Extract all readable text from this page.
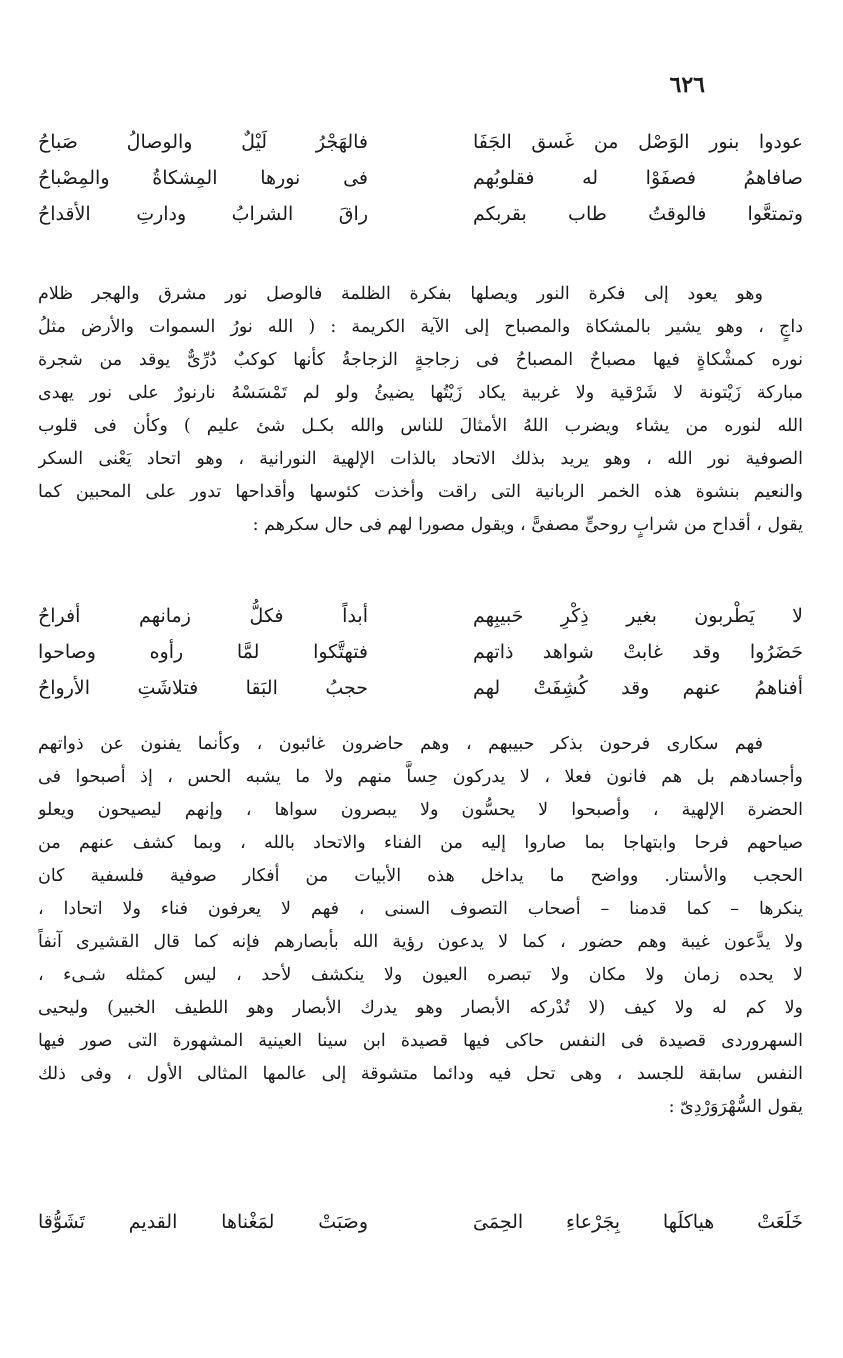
٦٢٦
عودوا بنور الوَصْل من غَسق الجَفَا
فالهَجْرُ لَيْلٌ والوصالُ صَباحُ
صافاهمُ فصفَوْا له فقلوبُهم
فى نورها المِشكاةُ والمِصْباحُ
وتمتعَّوا فالوقتُ طاب بقربكم
راقَ الشرابُ ودارتِ الأقداحُ
وهو يعود إلى فكرة النور ويصلها بفكرة الظلمة فالوصل نور مشرق والهجر ظلام
داجٍ ، وهو يشير بالمشكاة والمصباح إلى الآية الكريمة : ( الله نورُ السموات والأرض مثلُ
نوره كمشْكاةٍ فيها مصباحٌ المصباحُ فى زجاجةٍ الزجاجةُ كأنها كوكبٌ دُرِّىٌّ يوقد من شجرة
مباركة زَيْتونة لا شَرْقية ولا غربية يكاد زَيْتُها يضيئُ ولو لم تَمْسَسْهُ نارنورٌ على نور يهدى
الله لنوره من يشاء ويضرب اللهُ الأمثالَ للناس والله بكـل شئ عليم ) وكأن فى قلوب
الصوفية نور الله ، وهو يريد بذلك الاتحاد بالذات الإلهية النورانية ، وهو اتحاد يَعْنى السكر
والنعيم بنشوة هذه الخمر الربانية التى راقت وأخذت كئوسها وأقداحها تدور على المحبين كما
يقول ، أقداح من شرابٍ روحىٍّ مصفىًّ ، ويقول مصورا لهم فى حال سكرهم :
لا يَطْربون بغير ذِكْرِ حَبيبِهم
أبداً فكلُّ زمانهم أفراحُ
حَضَرُوا وقد غابتْ شواهد ذاتهم
فتهتَّكوا لمَّا رأوه وصاحوا
أفناهمُ عنهم وقد كُشِفَتْ لهم
حجبُ البَقا فتلاشَتِ الأرواحُ
فهم سكارى فرحون بذكر حبيبهم ، وهم حاضرون غائبون ، وكأنما يفنون عن ذواتهم
وأجسادهم بل هم فانون فعلا ، لا يدركون حِساًّ منهم ولا ما يشبه الحس ، إذ أصبحوا فى
الحضرة الإلهية ، وأصبحوا لا يحسُّون ولا يبصرون سواها ، وإنهم ليصيحون ويعلو
صياحهم فرحا وابتهاجا بما صاروا إليه من الفناء والاتحاد بالله ، وبما كشف عنهم من
الحجب والأستار. وواضح ما يداخل هذه الأبيات من أفكار صوفية فلسفية كان
ينكرها – كما قدمنا – أصحاب التصوف السنى ، فهم لا يعرفون فناء ولا اتحادا ،
ولا يدَّعون غيبة وهم حضور ، كما لا يدعون رؤية الله بأبصارهم فإنه كما قال القشيرى آنفاً
لا يحده زمان ولا مكان ولا تبصره العيون ولا ينكشف لأحد ، ليس كمثله شـىء ،
ولا كم له ولا كيف (لا تُدْركه الأبصار وهو يدرك الأبصار وهو اللطيف الخبير) وليحيى
السهروردى قصيدة فى النفس حاكى فيها قصيدة ابن سينا العينية المشهورة التى صور فيها
النفس سابقة للجسد ، وهى تحل فيه ودائما متشوقة إلى عالمها المثالى الأول ، وفى ذلك
يقول السُّهْرَوَرْدِىّ :
خَلَعَتْ هياكلَها بِجَرْعاءِ الحِمَىَ
وصَبَتْ لمَغْناها القديم تَشَوُّقا
